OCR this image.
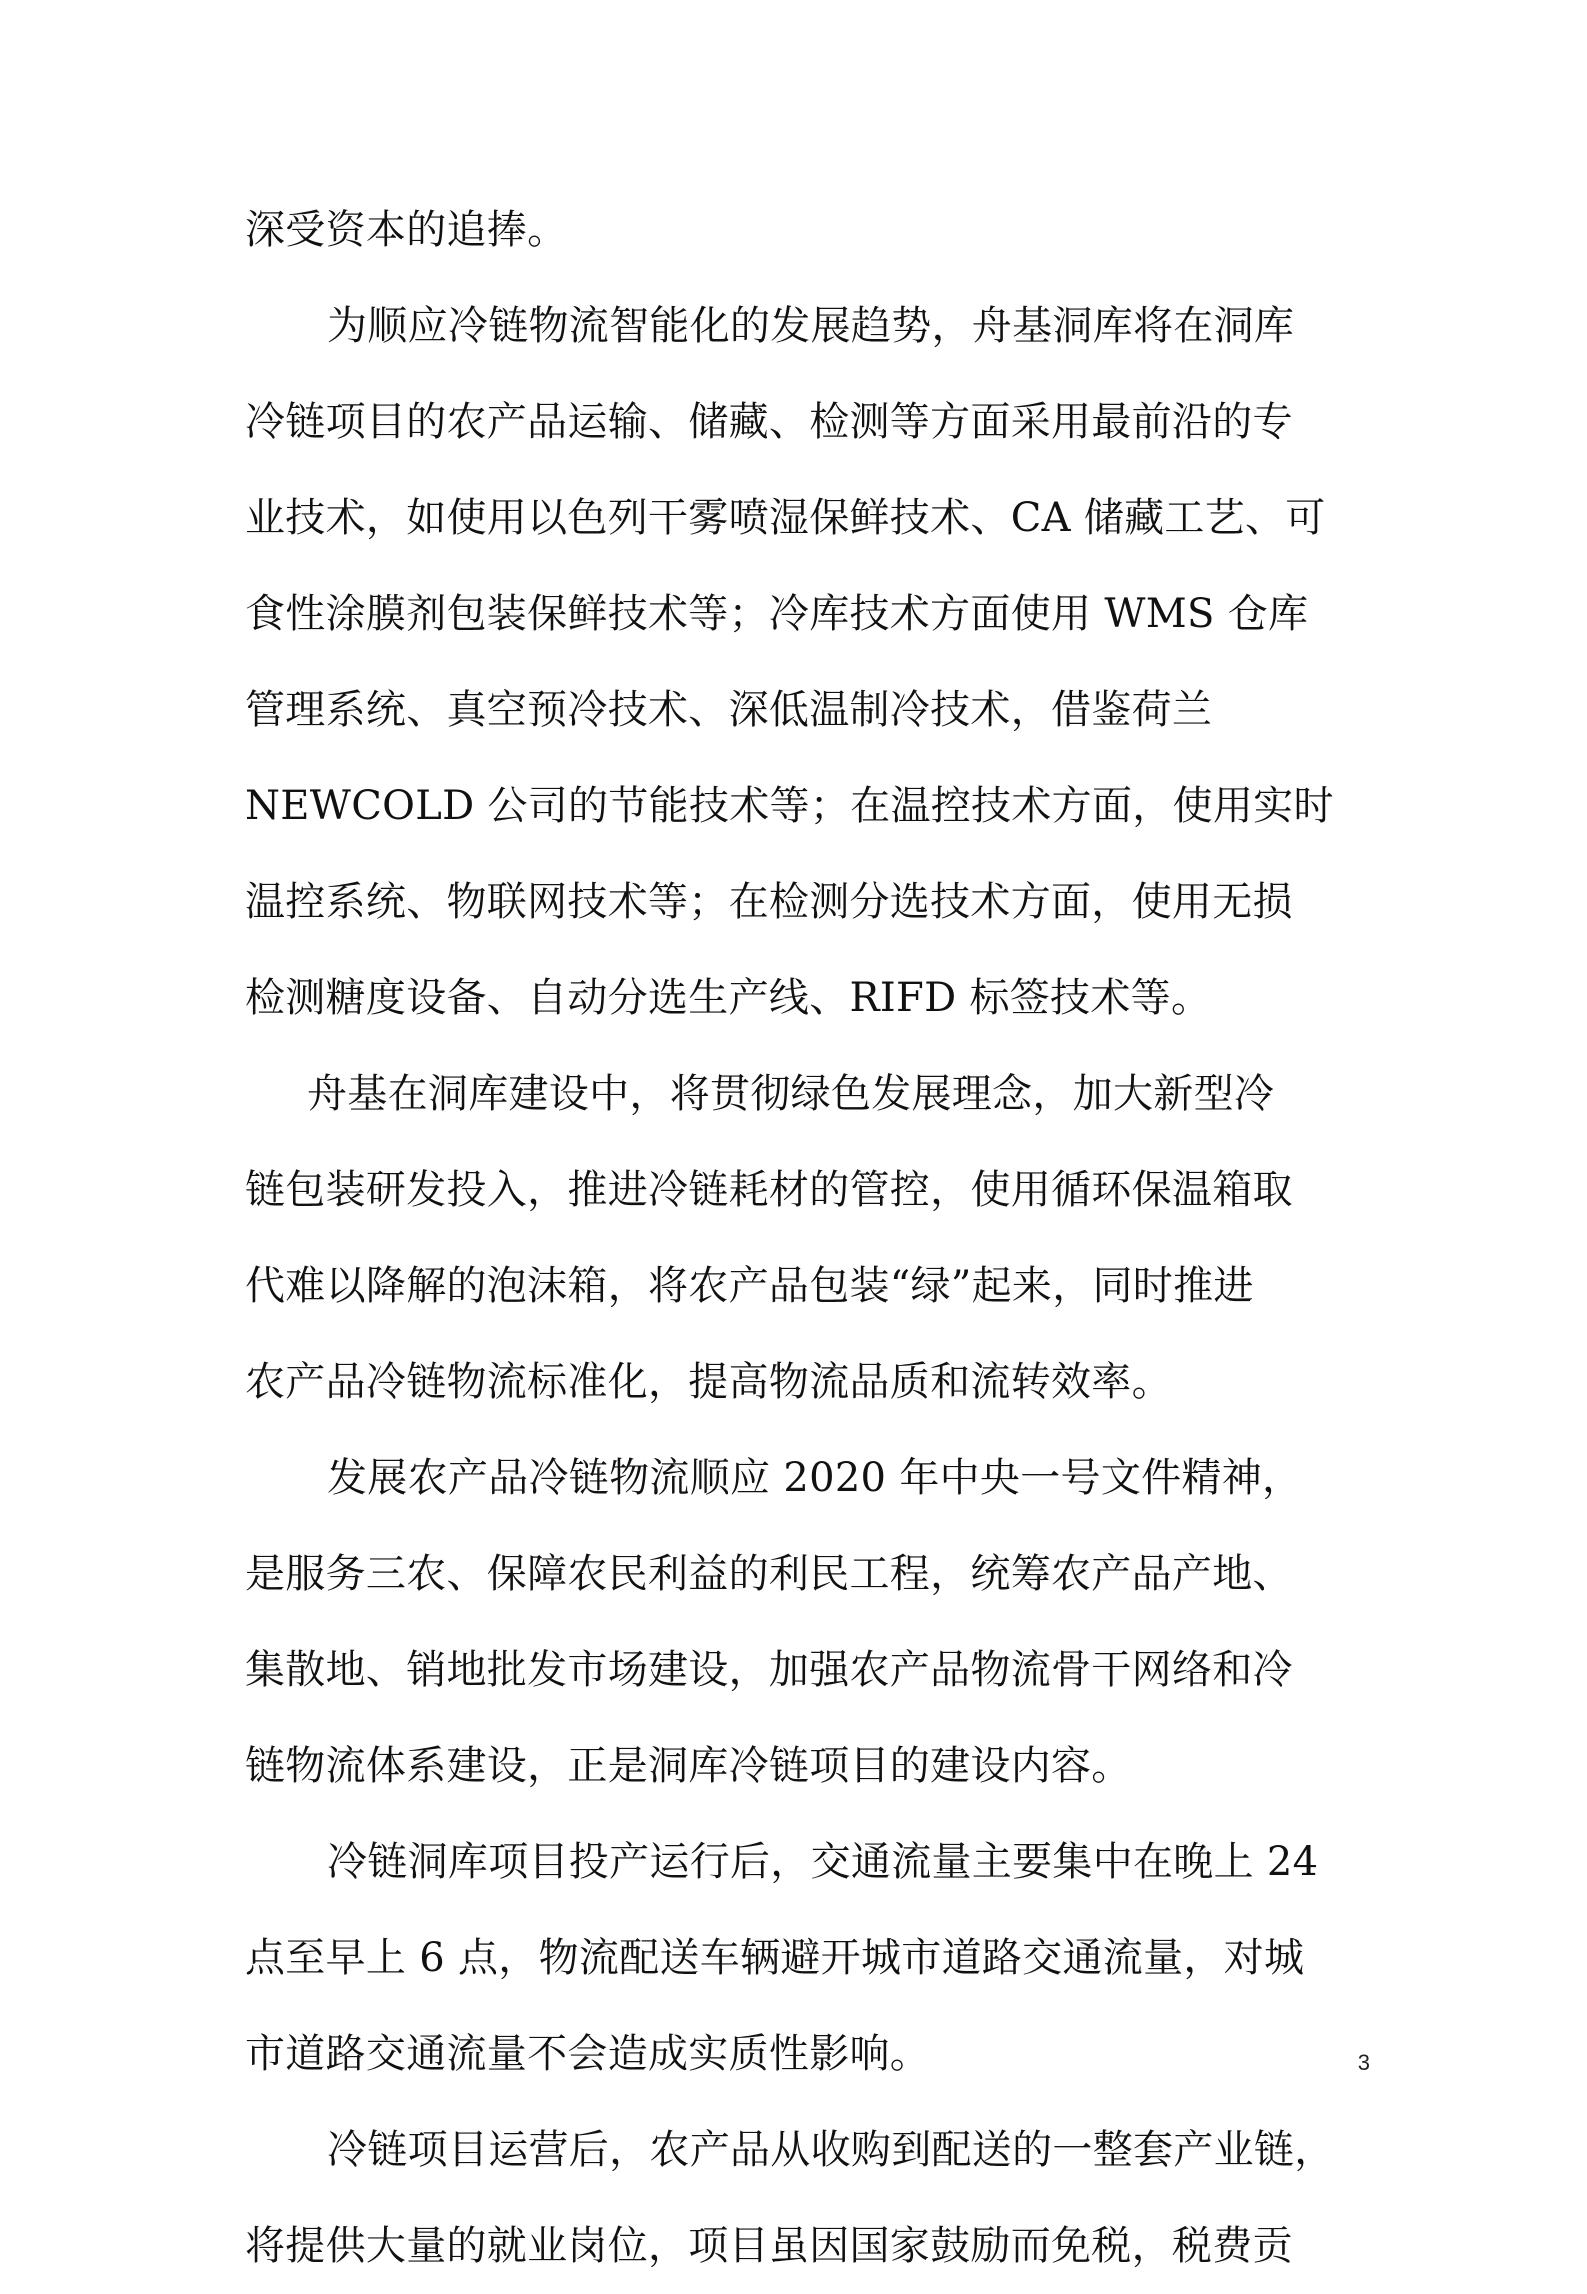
深受资本的追捧。
为顺应冷链物流智能化的发展趋势，舟基洞库将在洞库
冷链项目的农产品运输、储藏、检测等方面采用最前沿的专
业技术，如使用以色列干雾喷湿保鲜技术、CA 储藏工艺、可
食性涂膜剂包装保鲜技术等；冷库技术方面使用 WMS 仓库
管理系统、真空预冷技术、深低温制冷技术，借鉴荷兰
NEWCOLD 公司的节能技术等；在温控技术方面，使用实时
温控系统、物联网技术等；在检测分选技术方面，使用无损
检测糖度设备、自动分选生产线、RIFD 标签技术等。
舟基在洞库建设中，将贯彻绿色发展理念，加大新型冷
链包装研发投入，推进冷链耗材的管控，使用循环保温箱取
代难以降解的泡沫箱，将农产品包装“绿”起来，同时推进
农产品冷链物流标准化，提高物流品质和流转效率。
发展农产品冷链物流顺应 2020 年中央一号文件精神，
是服务三农、保障农民利益的利民工程，统筹农产品产地、
集散地、销地批发市场建设，加强农产品物流骨干网络和冷
链物流体系建设，正是洞库冷链项目的建设内容。
冷链洞库项目投产运行后，交通流量主要集中在晚上 24
点至早上 6 点，物流配送车辆避开城市道路交通流量，对城
市道路交通流量不会造成实质性影响。
冷链项目运营后，农产品从收购到配送的一整套产业链，
将提供大量的就业岗位，项目虽因国家鼓励而免税，税费贡
3
